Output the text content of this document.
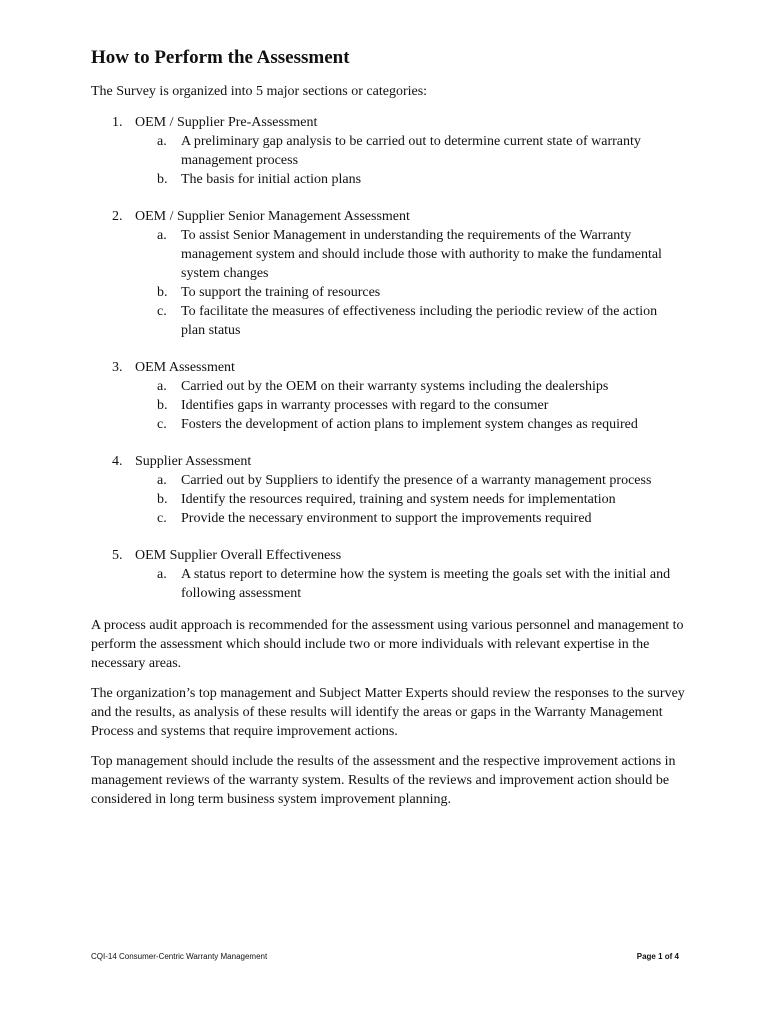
How to Perform the Assessment

The Survey is organized into 5 major sections or categories:

1. OEM / Supplier Pre-Assessment
a. A preliminary gap analysis to be carried out to determine current state of warranty management process
b. The basis for initial action plans
2. OEM / Supplier Senior Management Assessment
a. To assist Senior Management in understanding the requirements of the Warranty management system and should include those with authority to make the fundamental system changes
b. To support the training of resources
c. To facilitate the measures of effectiveness including the periodic review of the action plan status
3. OEM Assessment
a. Carried out by the OEM on their warranty systems including the dealerships
b. Identifies gaps in warranty processes with regard to the consumer
c. Fosters the development of action plans to implement system changes as required
4. Supplier Assessment
a. Carried out by Suppliers to identify the presence of a warranty management process
b. Identify the resources required, training and system needs for implementation
c. Provide the necessary environment to support the improvements required
5. OEM Supplier Overall Effectiveness
a. A status report to determine how the system is meeting the goals set with the initial and following assessment

A process audit approach is recommended for the assessment using various personnel and management to perform the assessment which should include two or more individuals with relevant expertise in the necessary areas.

The organization’s top management and Subject Matter Experts should review the responses to the survey and the results, as analysis of these results will identify the areas or gaps in the Warranty Management Process and systems that require improvement actions.

Top management should include the results of the assessment and the respective improvement actions in management reviews of the warranty system. Results of the reviews and improvement action should be considered in long term business system improvement planning.

CQI-14 Consumer-Centric Warranty Management	Page 1 of 4
